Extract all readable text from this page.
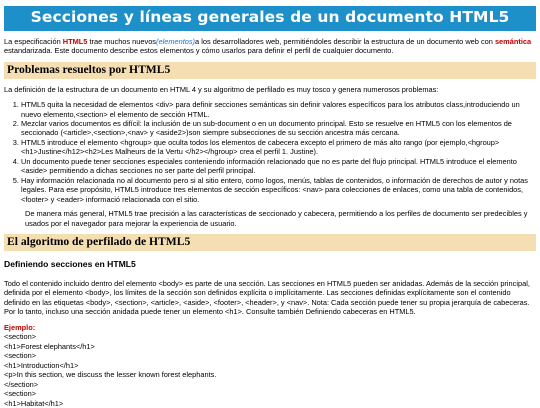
Secciones y líneas generales de un documento HTML5

La especificación HTML5 trae muchos nuevos(elementos)a los desarrolladores web, permitiéndoles describir la estructura de un documento web con semántica estandarizada. Este documento describe estos elementos y cómo usarlos para definir el perfil de cualquier documento.

Problemas resueltos por HTML5

La definición de la estructura de un documento en HTML 4 y su algoritmo de perfilado es muy tosco y genera numerosos problemas:

1. HTML5 quita la necesidad de elementos <div> para definir secciones semánticas sin definir valores específicos para los atributos class,introduciendo un nuevo elemento,<section> el elemento de sección HTML.
2. Mezclar varios documentos es difícil: la inclusión de un sub-document o en un documento principal. Esto se resuelve en HTML5 con los elementos de seccionado (<article>,<section>,<nav> y <aside2>)son siempre subsecciones de su sección ancestra más cercana.
3. HTML5 introduce el elemento <hgroup> que oculta todos los elementos de cabecera excepto el primero de más alto rango (por ejemplo,<hgroup><h1>Justine</h12><h2>Les Malheurs de la Vertu </h2></hgroup> crea el perfil 1. Justine).
4. Un documento puede tener secciones especiales conteniendo información relacionado que no es parte del flujo principal. HTML5 introduce el elemento <aside> permitiendo a dichas secciones no ser parte del perfil principal.
5. Hay información relacionada no al documento pero si al sitio entero, como logos, menús, tablas de contenidos, o información de derechos de autor y notas legales. Para ese propósito, HTML5 introduce tres elementos de sección específicos: <nav> para colecciones de enlaces, como una tabla de contenidos, <footer> y <eader> informació relacionada con el sitio.

De manera más general, HTML5 trae precisión a las características de seccionado y cabecera, permitiendo a los perfiles de documento ser predecibles y usados por el navegador para mejorar la experiencia de usuario.

El algoritmo de perfilado de HTML5
Definiendo secciones en HTML5

Todo el contenido incluido dentro del elemento <body> es parte de una sección. Las secciones en HTML5 pueden ser anidadas. Además de la sección principal, definida por el elemento <body>, los límites de la sección son definidos explícita o implícitamente. Las secciones definidas explícitamente son el contenido definido en las etiquetas <body>, <section>, <article>, <aside>, <footer>, <header>, y <nav>. Nota: Cada sección puede tener su propia jerarquía de cabeceras. Por lo tanto, incluso una sección anidada puede tener un elemento <h1>. Consulte también Definiendo cabeceras en HTML5.

Ejemplo:
<section>
<h1>Forest elephants</h1>
<section>
<h1>Introduction</h1>
<p>In this section, we discuss the lesser known forest elephants.
</section>
<section>
<h1>Habitat</h1>
